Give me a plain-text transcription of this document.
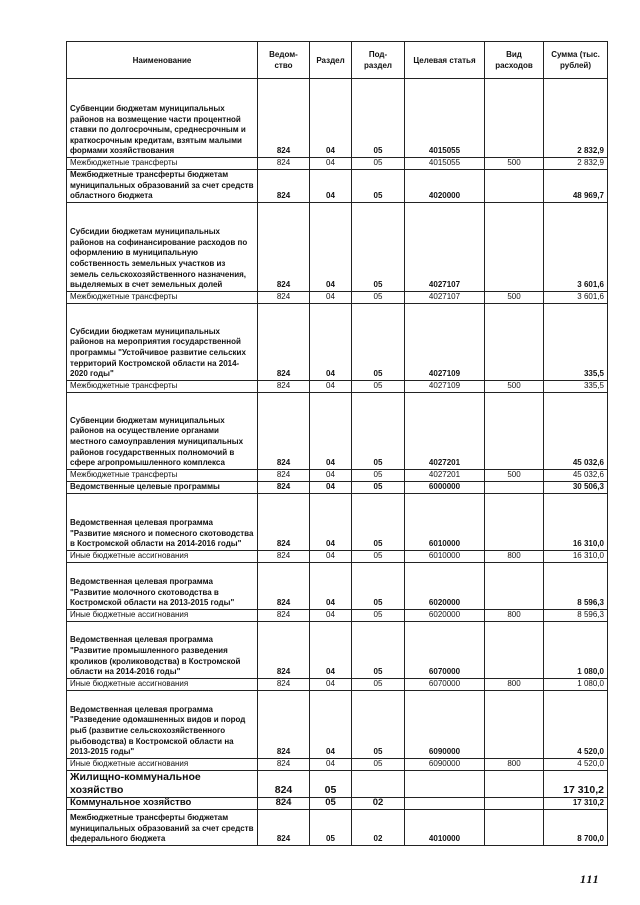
Наименование	Ведом-ство	Раздел	Под-раздел	Целевая статья	Вид расходов	Сумма (тыс. рублей)
Субвенции бюджетам муниципальных районов на возмещение части процентной ставки по долгосрочным, среднесрочным и краткосрочным кредитам, взятым малыми формами хозяйствования	824	04	05	4015055		2 832,9
Межбюджетные трансферты	824	04	05	4015055	500	2 832,9
Межбюджетные трансферты бюджетам муниципальных образований за счет средств областного бюджета	824	04	05	4020000		48 969,7
Субсидии бюджетам муниципальных районов на софинансирование расходов по оформлению в муниципальную собственность земельных участков из земель сельскохозяйственного назначения, выделяемых в счет земельных долей	824	04	05	4027107		3 601,6
Межбюджетные трансферты	824	04	05	4027107	500	3 601,6
Субсидии бюджетам муниципальных районов на мероприятия государственной программы "Устойчивое развитие сельских территорий Костромской области на 2014-2020 годы"	824	04	05	4027109		335,5
Межбюджетные трансферты	824	04	05	4027109	500	335,5
Субвенции бюджетам муниципальных районов на осуществление органами местного самоуправления муниципальных районов государственных полномочий в сфере агропромышленного комплекса	824	04	05	4027201		45 032,6
Межбюджетные трансферты	824	04	05	4027201	500	45 032,6
Ведомственные целевые программы	824	04	05	6000000		30 506,3
Ведомственная целевая программа "Развитие мясного и помесного скотоводства в Костромской области на 2014-2016 годы"	824	04	05	6010000		16 310,0
Иные бюджетные ассигнования	824	04	05	6010000	800	16 310,0
Ведомственная целевая программа "Развитие молочного скотоводства в Костромской области на 2013-2015 годы"	824	04	05	6020000		8 596,3
Иные бюджетные ассигнования	824	04	05	6020000	800	8 596,3
Ведомственная целевая программа "Развитие промышленного разведения кроликов (кролиководства) в Костромской области на 2014-2016 годы"	824	04	05	6070000		1 080,0
Иные бюджетные ассигнования	824	04	05	6070000	800	1 080,0
Ведомственная целевая программа "Разведение одомашненных видов и пород рыб (развитие сельскохозяйственного рыбоводства) в Костромской области на 2013-2015 годы"	824	04	05	6090000		4 520,0
Иные бюджетные ассигнования	824	04	05	6090000	800	4 520,0
Жилищно-коммунальное хозяйство	824	05				17 310,2
Коммунальное хозяйство	824	05	02			17 310,2
Межбюджетные трансферты бюджетам муниципальных образований за счет средств федерального бюджета	824	05	02	4010000		8 700,0
111
